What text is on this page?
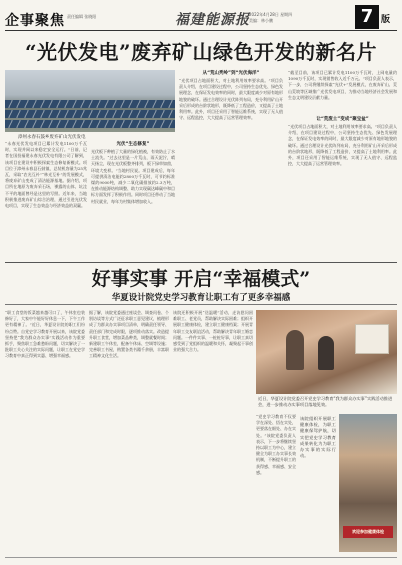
企事聚焦 责任编辑 张晓阳	福建能源报 2022年4月28日 星期四
美编：林小鹏	7 版
“光伏发电”废弃矿山绿色开发的新名片
漳州永春石鼓乡废弃矿山光伏发电
“永春光伏发电项目已累计发电1100万千瓦时，实现并网以来稳定安全运行。”日前，记者在国投福建永春光伏发电有限公司了解到，该项目在建设中积极探索生态修复新模式。项目位于漳州永春县石鼓镇，总装机容量为25兆瓦，采取“农光互补”“林光互补”的发展模式，将废弃矿山变成了清洁能源基地。据介绍，项目所在地原为废弃采石场，裸露的山体、坑洼不平的地面曾经是这里的写照。近年来，当地积极推进废弃矿山综合治理，通过引进光伏发电项目，实现了生态效益与经济效益的双赢。
光伏“生态修复”
光伏板下种植了大量的绿化植被，有效防止了水土流失。“过去这里是一片荒山，雨天泥泞，晴天扬尘，现在光伏板整齐排列，板下绿草如茵，环境大变样。”当地村民说。项目建成后，每年可提供清洁电能约2800万千瓦时，可节约标准煤约9000吨，减少二氧化碳排放约2.3万吨，在推动能源结构调整、助力实现碳达峰碳中和目标方面发挥了积极作用。同时项目还带动了当地村民就业，每年为村集体增加收入。
从“荒山秃岭”到“光伏海洋”
“光伏项目占地面积大，对土地利用效率要求高。”项目负责人介绍，在项目建设过程中，公司坚持生态优先、绿色发展理念，在保证发电效率的同时，最大限度减少对原有地形地貌的破坏。通过合理设计光伏阵列布局，充分利用矿山开采后形成的台阶状地形，既降低了工程造价，又提高了土地利用率。此外，项目还采用了智能运维系统，实现了无人值守、远程监控，大大提高了运营管理效率。	让“荒废土”变成“聚宝盆”
“截至目前，该项目已累计发电1100万千瓦时，上网电量约1090万千瓦时，实现销售收入近千万元。”项目负责人表示，下一步，公司将继续探索“光伏+”发展模式，在废弃矿山、荒山荒坡等区域推广光伏发电项目，为推动当地经济社会发展和生态文明建设贡献力量。
“光伏项目占地面积大，对土地利用效率要求高。”项目负责人介绍，在项目建设过程中，公司坚持生态优先、绿色发展理念，在保证发电效率的同时，最大限度减少对原有地形地貌的破坏。通过合理设计光伏阵列布局，充分利用矿山开采后形成的台阶状地形，既降低了工程造价，又提高了土地利用率。此外，项目还采用了智能运维系统，实现了无人值守、远程监控，大大提高了运营管理效率。
好事实事 开启“幸福模式”
华夏设计院党史学习教育让职工有了更多幸福感
“职工食堂的饭菜越来越可口了，午休室也装修好了，大家中午能好好休息一下，下午工作更有精神了。”近日，华夏设计院的职工们纷纷点赞。自党史学习教育开展以来，该院党委坚持把“我为群众办实事”实践活动作为重要抓手，聚焦职工急难愁盼问题，切实解决了一批职工关心关注的实际问题，让职工在党史学习教育中真正得到实惠、增强幸福感。
据了解，该院党委通过座谈会、调查问卷、个别访谈等方式广泛征求职工意见建议，梳理形成了为群众办实事项目清单，明确责任领导、责任部门和完成时限，逐项推动落实。改造提升职工食堂，增加菜品种类，调整就餐时间；新建职工午休室，配备午休床、空调等设施；完善职工书屋，购置各类书籍千余册，丰富职工精神文化生活。
该院还积极开展“送温暖”活动，走访慰问困难职工、老党员，帮助解决实际困难；组织开展职工健康体检，建立职工健康档案；开展青年职工交友联谊活动，帮助解决青年职工婚恋问题。一件件实事、一桩桩好事，让职工真切感受到了党组织的温暖和关怀，凝聚起干事创业的强大合力。
“党史学习教育不仅要学在深处、悟在实处，更要落在细处、办在实处。”该院党委负责人表示，下一步将继续坚持以职工为中心，建立健全为职工办实事长效机制，不断提升职工的获得感、幸福感、安全感。
近日，华夏设计院党委召开党史学习教育“我为群众办实事”实践活动推进会，进一步推动办实事项目落地见效。
该院组织开展职工健康体检，为职工健康保驾护航，切实把党史学习教育成果转化为为职工办实事的实际行动。
欢迎参加健康体检
